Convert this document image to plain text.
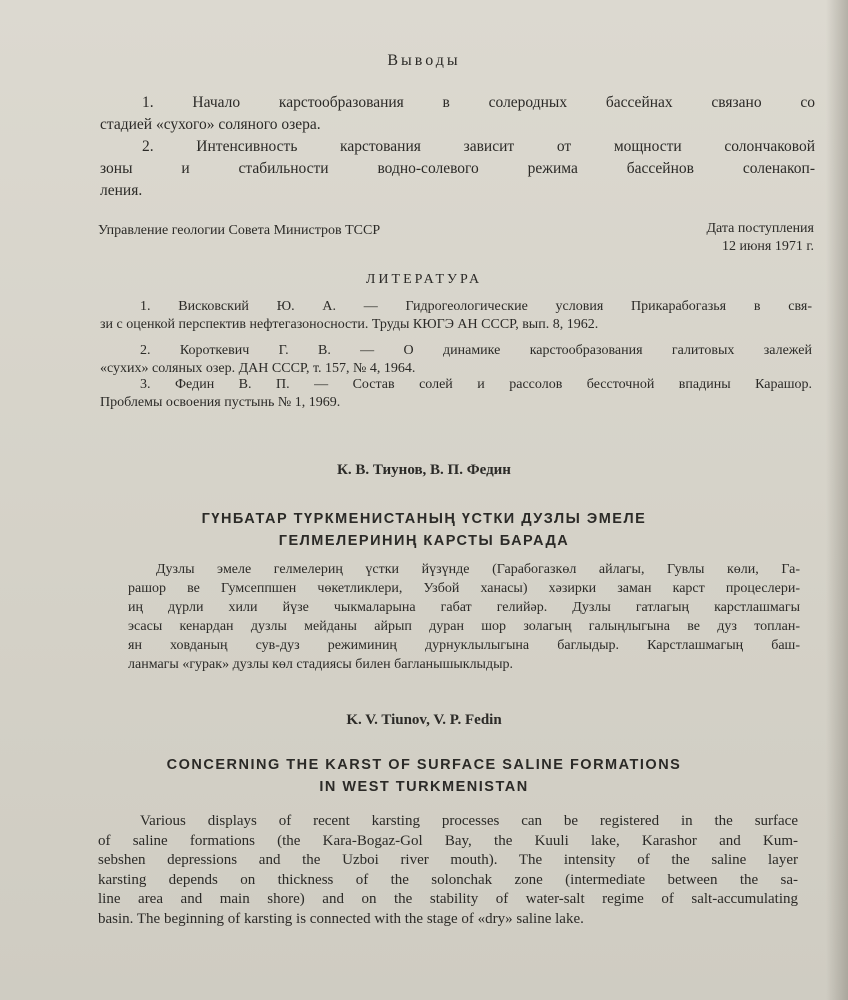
Выводы
1. Начало карстообразования в солеродных бассейнах связано со
стадией «сухого» соляного озера.
2. Интенсивность карстования зависит от мощности солончаковой
зоны и стабильности водно-солевого режима бассейнов соленакоп-
ления.
Управление геологии Совета Министров ТССР	Дата поступления
12 июня 1971 г.
ЛИТЕРАТУРА
1. Висковский Ю. А. — Гидрогеологические условия Прикарабогазья в свя-
зи с оценкой перспектив нефтегазоносности. Труды КЮГЭ АН СССР, вып. 8, 1962.
2. Короткевич Г. В. — О динамике карстообразования галитовых залежей
«сухих» соляных озер. ДАН СССР, т. 157, № 4, 1964.
3. Федин В. П. — Состав солей и рассолов бессточной впадины Карашор.
Проблемы освоения пустынь № 1, 1969.
К. В. Тиунов, В. П. Федин
ГҮНБАТАР ТҮРКМЕНИСТАНЫҢ ҮСТКИ ДУЗЛЫ ЭМЕЛЕ
ГЕЛМЕЛЕРИНИҢ КАРСТЫ БАРАДА
Дузлы эмеле гелмелериң үстки йүзүнде (Гарабогазкөл айлагы, Гувлы көли, Га-
рашор ве Гумсеппшен чөкетликлери, Узбой ханасы) хәзирки заман карст процеслери-
иң дүрли хили йүзе чыкмаларына габат гелийәр. Дузлы гатлагың карстлашмагы
эсасы кенардан дузлы мейданы айрып дуран шор золагың галыңлыгына ве дуз топлан-
ян ховданың сув-дуз режиминиң дурнуклылыгына баглыдыр. Карстлашмагың баш-
ланмагы «гурак» дузлы көл стадиясы билен багланышыклыдыр.
K. V. Tiunov, V. P. Fedin
CONCERNING THE KARST OF SURFACE SALINE FORMATIONS
IN WEST TURKMENISTAN
Various displays of recent karsting processes can be registered in the surface
of saline formations (the Kara-Bogaz-Gol Bay, the Kuuli lake, Karashor and Kum-
sebshen depressions and the Uzboi river mouth). The intensity of the saline layer
karsting depends on thickness of the solonchak zone (intermediate between the sa-
line area and main shore) and on the stability of water-salt regime of salt-accumulating
basin. The beginning of karsting is connected with the stage of «dry» saline lake.
